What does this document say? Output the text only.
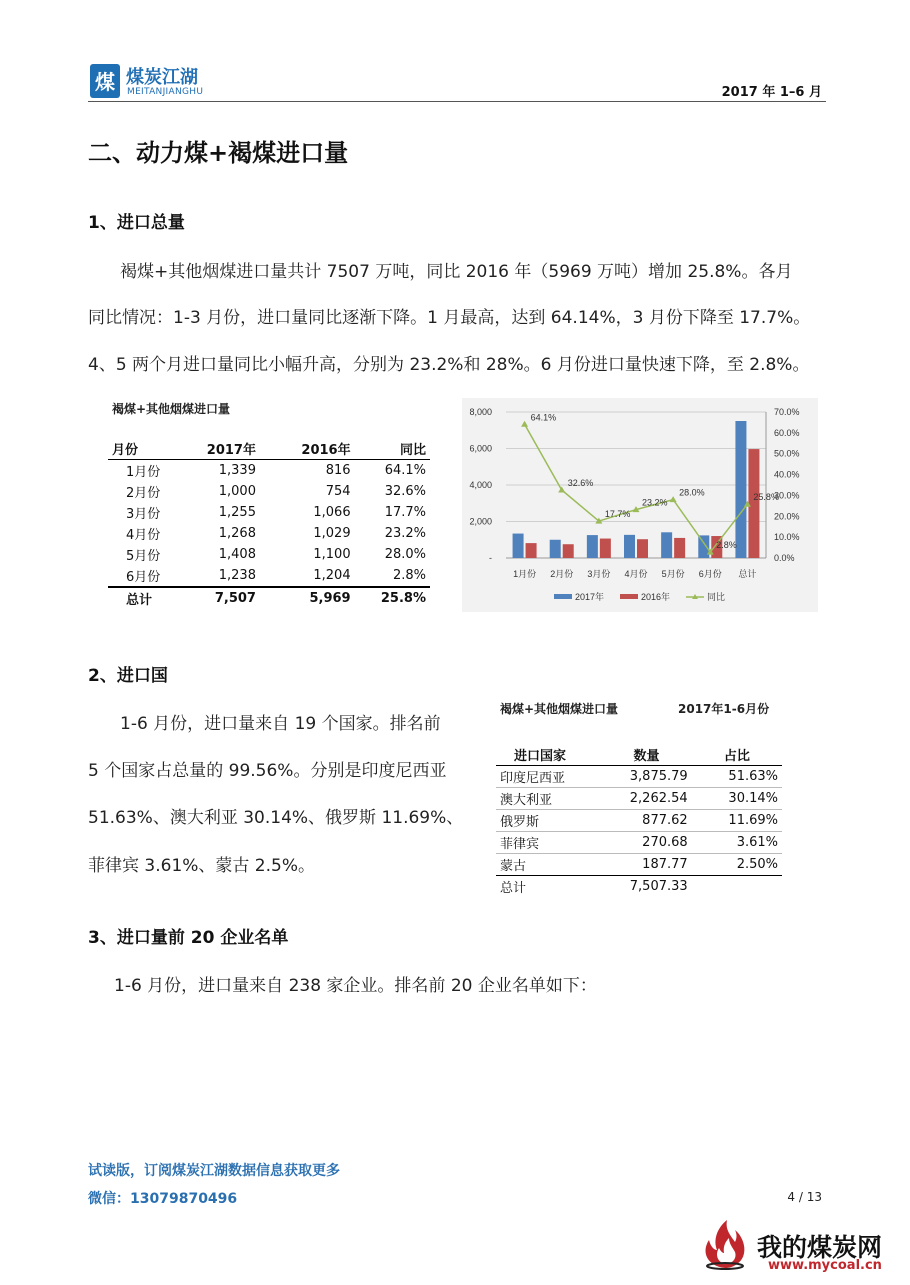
煤 煤炭江湖
MEITANJIANGHU	2017 年 1–6 月
二、动力煤+褐煤进口量
1、进口总量
褐煤+其他烟煤进口量共计 7507 万吨，同比 2016 年（5969 万吨）增加 25.8%。各月
同比情况：1-3 月份，进口量同比逐渐下降。1 月最高，达到 64.14%，3 月份下降至 17.7%。
4、5 两个月进口量同比小幅升高，分别为 23.2%和 28%。6 月份进口量快速下降，至 2.8%。
褐煤+其他烟煤进口量
月份	2017年	2016年	同比
1月份	1,339	816	64.1%
2月份	1,000	754	32.6%
3月份	1,255	1,066	17.7%
4月份	1,268	1,029	23.2%
5月份	1,408	1,100	28.0%
6月份	1,238	1,204	2.8%
总计	7,507	5,969	25.8%
8,000
6,000
4,000
2,000
-
70.0%
60.0%
50.0%
40.0%
30.0%
20.0%
10.0%
0.0%
1月份 2月份 3月份 4月份 5月份 6月份 总计
64.1%
32.6%
17.7%
23.2%
28.0%
2.8%
25.8%
2017年	2016年	同比
2、进口国
1-6 月份，进口量来自 19 个国家。排名前
5 个国家占总量的 99.56%。分别是印度尼西亚
51.63%、澳大利亚 30.14%、俄罗斯 11.69%、
菲律宾 3.61%、蒙古 2.5%。
褐煤+其他烟煤进口量	2017年1-6月份
进口国家	数量	占比
印度尼西亚	3,875.79	51.63%
澳大利亚	2,262.54	30.14%
俄罗斯	877.62	11.69%
菲律宾	270.68	3.61%
蒙古	187.77	2.50%
总计	7,507.33	
3、进口量前 20 企业名单
1-6 月份，进口量来自 238 家企业。排名前 20 企业名单如下：
试读版，订阅煤炭江湖数据信息获取更多
微信：13079870496	4 / 13
我的煤炭网
www.mycoal.cn
